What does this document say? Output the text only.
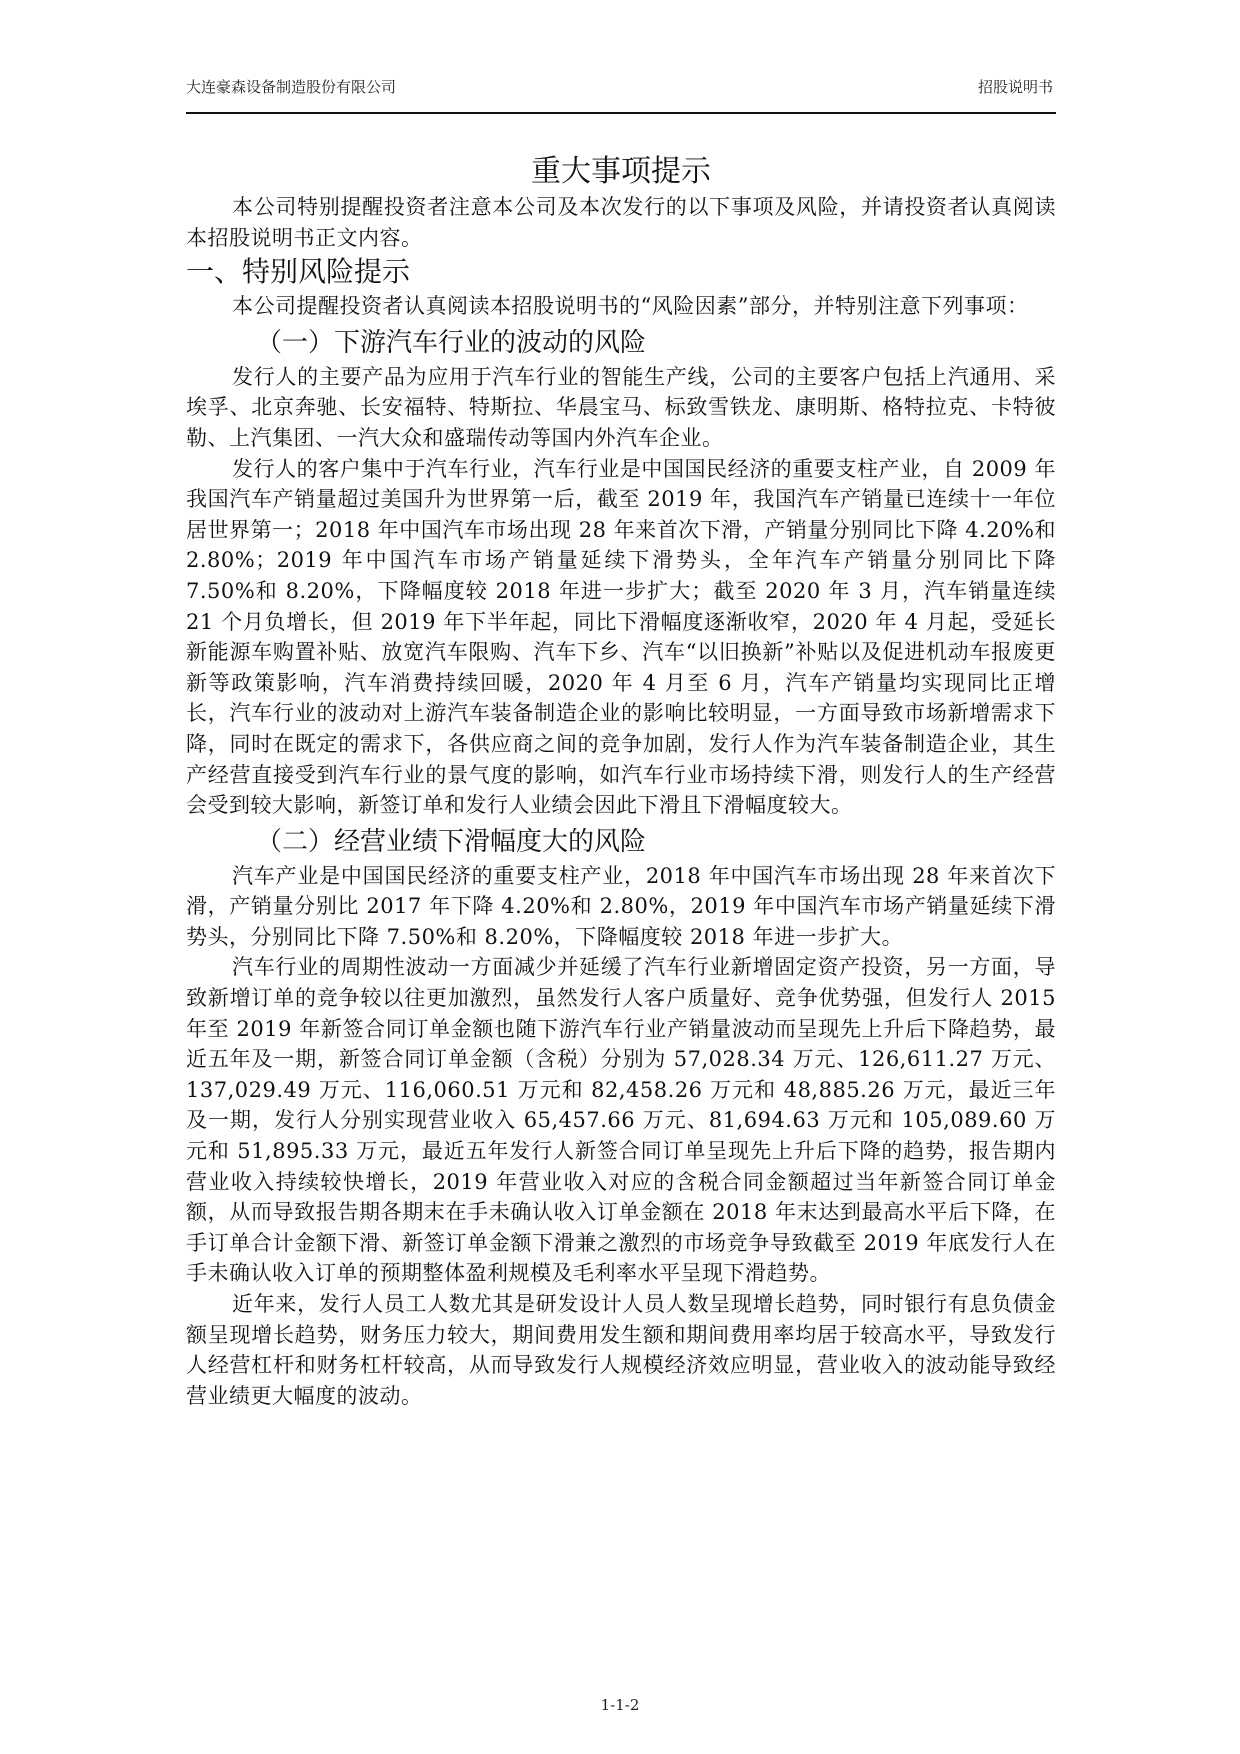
大连豪森设备制造股份有限公司	招股说明书
重大事项提示

本公司特别提醒投资者注意本公司及本次发行的以下事项及风险，并请投资者认真阅读本招股说明书正文内容。

一、特别风险提示

本公司提醒投资者认真阅读本招股说明书的“风险因素”部分，并特别注意下列事项：

（一）下游汽车行业的波动的风险

发行人的主要产品为应用于汽车行业的智能生产线，公司的主要客户包括上汽通用、采埃孚、北京奔驰、长安福特、特斯拉、华晨宝马、标致雪铁龙、康明斯、格特拉克、卡特彼勒、上汽集团、一汽大众和盛瑞传动等国内外汽车企业。

发行人的客户集中于汽车行业，汽车行业是中国国民经济的重要支柱产业，自 2009 年我国汽车产销量超过美国升为世界第一后，截至 2019 年，我国汽车产销量已连续十一年位居世界第一；2018 年中国汽车市场出现 28 年来首次下滑，产销量分别同比下降 4.20%和 2.80%；2019 年中国汽车市场产销量延续下滑势头，全年汽车产销量分别同比下降 7.50%和 8.20%，下降幅度较 2018 年进一步扩大；截至 2020 年 3 月，汽车销量连续 21 个月负增长，但 2019 年下半年起，同比下滑幅度逐渐收窄，2020 年 4 月起，受延长新能源车购置补贴、放宽汽车限购、汽车下乡、汽车“以旧换新”补贴以及促进机动车报废更新等政策影响，汽车消费持续回暖，2020 年 4 月至 6 月，汽车产销量均实现同比正增长，汽车行业的波动对上游汽车装备制造企业的影响比较明显，一方面导致市场新增需求下降，同时在既定的需求下，各供应商之间的竞争加剧，发行人作为汽车装备制造企业，其生产经营直接受到汽车行业的景气度的影响，如汽车行业市场持续下滑，则发行人的生产经营会受到较大影响，新签订单和发行人业绩会因此下滑且下滑幅度较大。

（二）经营业绩下滑幅度大的风险

汽车产业是中国国民经济的重要支柱产业，2018 年中国汽车市场出现 28 年来首次下滑，产销量分别比 2017 年下降 4.20%和 2.80%，2019 年中国汽车市场产销量延续下滑势头，分别同比下降 7.50%和 8.20%，下降幅度较 2018 年进一步扩大。

汽车行业的周期性波动一方面减少并延缓了汽车行业新增固定资产投资，另一方面，导致新增订单的竞争较以往更加激烈，虽然发行人客户质量好、竞争优势强，但发行人 2015 年至 2019 年新签合同订单金额也随下游汽车行业产销量波动而呈现先上升后下降趋势，最近五年及一期，新签合同订单金额（含税）分别为 57,028.34 万元、126,611.27 万元、137,029.49 万元、116,060.51 万元和 82,458.26 万元和 48,885.26 万元，最近三年及一期，发行人分别实现营业收入 65,457.66 万元、81,694.63 万元和 105,089.60 万元和 51,895.33 万元，最近五年发行人新签合同订单呈现先上升后下降的趋势，报告期内营业收入持续较快增长，2019 年营业收入对应的含税合同金额超过当年新签合同订单金额，从而导致报告期各期末在手未确认收入订单金额在 2018 年末达到最高水平后下降，在手订单合计金额下滑、新签订单金额下滑兼之激烈的市场竞争导致截至 2019 年底发行人在手未确认收入订单的预期整体盈利规模及毛利率水平呈现下滑趋势。

近年来，发行人员工人数尤其是研发设计人员人数呈现增长趋势，同时银行有息负债金额呈现增长趋势，财务压力较大，期间费用发生额和期间费用率均居于较高水平，导致发行人经营杠杆和财务杠杆较高，从而导致发行人规模经济效应明显，营业收入的波动能导致经营业绩更大幅度的波动。

1-1-2
